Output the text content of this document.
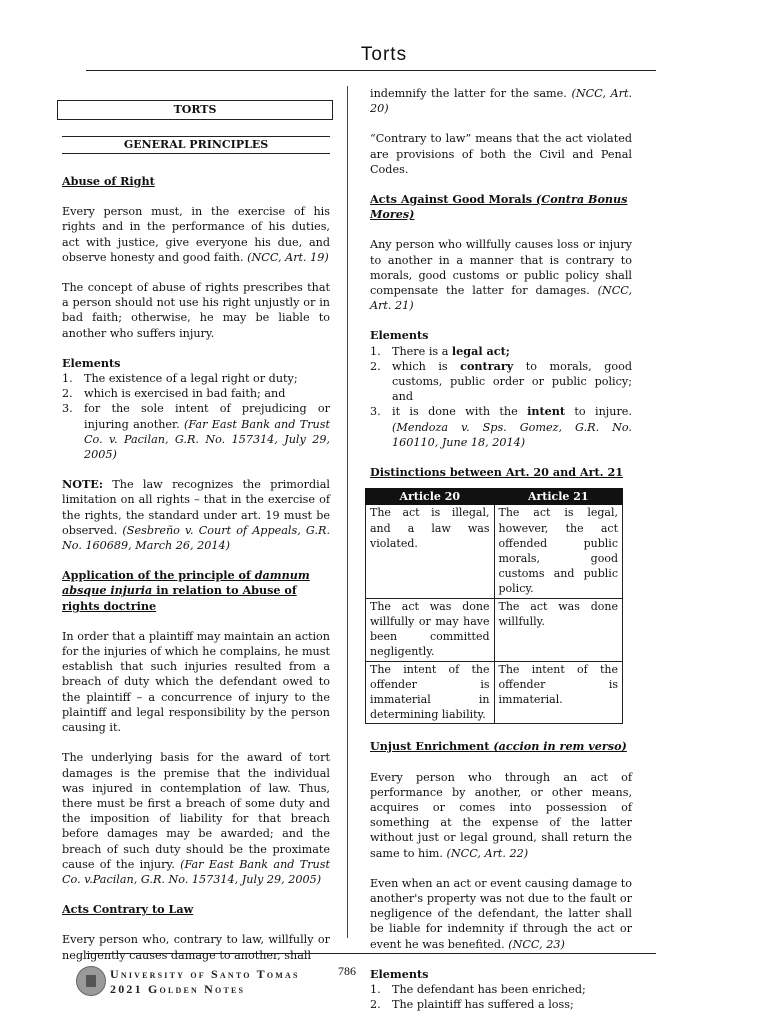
Torts
TORTS
GENERAL PRINCIPLES
Abuse of Right

Every person must, in the exercise of his rights and in the performance of his duties, act with justice, give everyone his due, and observe honesty and good faith. (NCC, Art. 19)

The concept of abuse of rights prescribes that a person should not use his right unjustly or in bad faith; otherwise, he may be liable to another who suffers injury.

Elements
1. The existence of a legal right or duty;
2. which is exercised in bad faith; and
3. for the sole intent of prejudicing or injuring another. (Far East Bank and Trust Co. v. Pacilan, G.R. No. 157314, July 29, 2005)

NOTE: The law recognizes the primordial limitation on all rights – that in the exercise of the rights, the standard under art. 19 must be observed. (Sesbreño v. Court of Appeals, G.R. No. 160689, March 26, 2014)

Application of the principle of damnum absque injuria in relation to Abuse of rights doctrine

In order that a plaintiff may maintain an action for the injuries of which he complains, he must establish that such injuries resulted from a breach of duty which the defendant owed to the plaintiff – a concurrence of injury to the plaintiff and legal responsibility by the person causing it.

The underlying basis for the award of tort damages is the premise that the individual was injured in contemplation of law. Thus, there must be first a breach of some duty and the imposition of liability for that breach before damages may be awarded; and the breach of such duty should be the proximate cause of the injury. (Far East Bank and Trust Co. v.Pacilan, G.R. No. 157314, July 29, 2005)

Acts Contrary to Law

Every person who, contrary to law, willfully or negligently causes damage to another, shall

indemnify the latter for the same. (NCC, Art. 20)

“Contrary to law” means that the act violated are provisions of both the Civil and Penal Codes.

Acts Against Good Morals (Contra Bonus Mores)

Any person who willfully causes loss or injury to another in a manner that is contrary to morals, good customs or public policy shall compensate the latter for damages. (NCC, Art. 21)

Elements
1. There is a legal act;
2. which is contrary to morals, good customs, public order or public policy; and
3. it is done with the intent to injure. (Mendoza v. Sps. Gomez, G.R. No. 160110, June 18, 2014)
Distinctions between Art. 20 and Art. 21
Article 20	Article 21
The act is illegal, and a law was violated.	The act is legal, however, the act offended public morals, good customs and public policy.
The act was done willfully or may have been committed negligently.	The act was done willfully.
The intent of the offender is immaterial in determining liability.	The intent of the offender is immaterial.
Unjust Enrichment (accion in rem verso)

Every person who through an act of performance by another, or other means, acquires or comes into possession of something at the expense of the latter without just or legal ground, shall return the same to him. (NCC, Art. 22)

Even when an act or event causing damage to another's property was not due to the fault or negligence of the defendant, the latter shall be liable for indemnity if through the act or event he was benefited. (NCC, 23)

Elements
1. The defendant has been enriched;
2. The plaintiff has suffered a loss;
University of Santo Tomas
2021 Golden Notes
786
